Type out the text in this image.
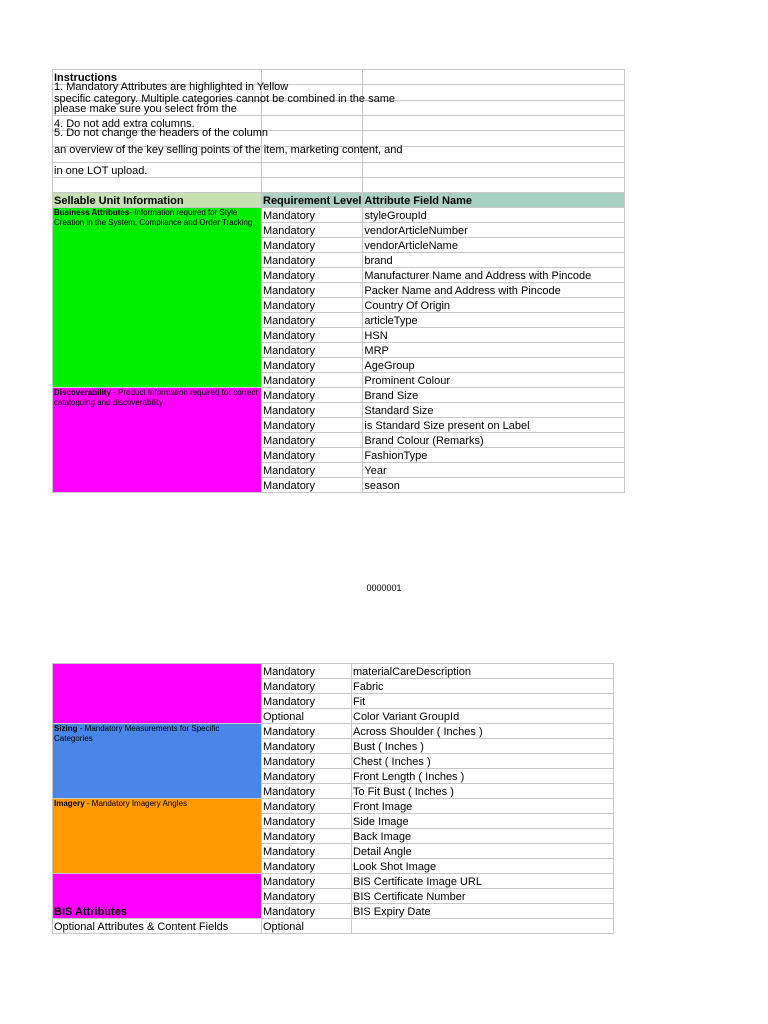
Instructions		

1. Mandatory Attributes are highlighted in Yellow
specific category. Multiple categories cannot be combined in the same		

please make sure you select from the		
4. Do not add extra columns.		

5. Do not change the headers of the column		

an overview of the key selling points of the item, marketing content, and		

in one LOT upload.		

Sellable Unit Information	Requirement Level	Attribute Field Name
Business Attributes- Information required for Style Creation in the System, Compliance and Order Tracking	Mandatory	styleGroupId
	Mandatory	vendorArticleNumber
	Mandatory	vendorArticleName
	Mandatory	brand
	Mandatory	Manufacturer Name and Address with Pincode
	Mandatory	Packer Name and Address with Pincode
	Mandatory	Country Of Origin
	Mandatory	articleType
	Mandatory	HSN
	Mandatory	MRP
	Mandatory	AgeGroup
	Mandatory	Prominent Colour
Discoverability - Product Information required for correct cataloguing and discoverability	Mandatory	Brand Size
	Mandatory	Standard Size
	Mandatory	is Standard Size present on Label
	Mandatory	Brand Colour (Remarks)
	Mandatory	FashionType
	Mandatory	Year
	Mandatory	season
0000001
	Mandatory	materialCareDescription
	Mandatory	Fabric
	Mandatory	Fit
	Optional	Color Variant GroupId
Sizing - Mandatory Measurements for Specific Categories	Mandatory	Across Shoulder ( Inches )
	Mandatory	Bust ( Inches )
	Mandatory	Chest ( Inches )
	Mandatory	Front Length ( Inches )
	Mandatory	To Fit Bust ( Inches )
Imagery - Mandatory Imagery Angles	Mandatory	Front Image
	Mandatory	Side Image
	Mandatory	Back Image
	Mandatory	Detail Angle
	Mandatory	Look Shot Image
BIS Attributes	Mandatory	BIS Certificate Image URL
	Mandatory	BIS Certificate Number
	Mandatory	BIS Expiry Date
Optional Attributes & Content Fields	Optional	
